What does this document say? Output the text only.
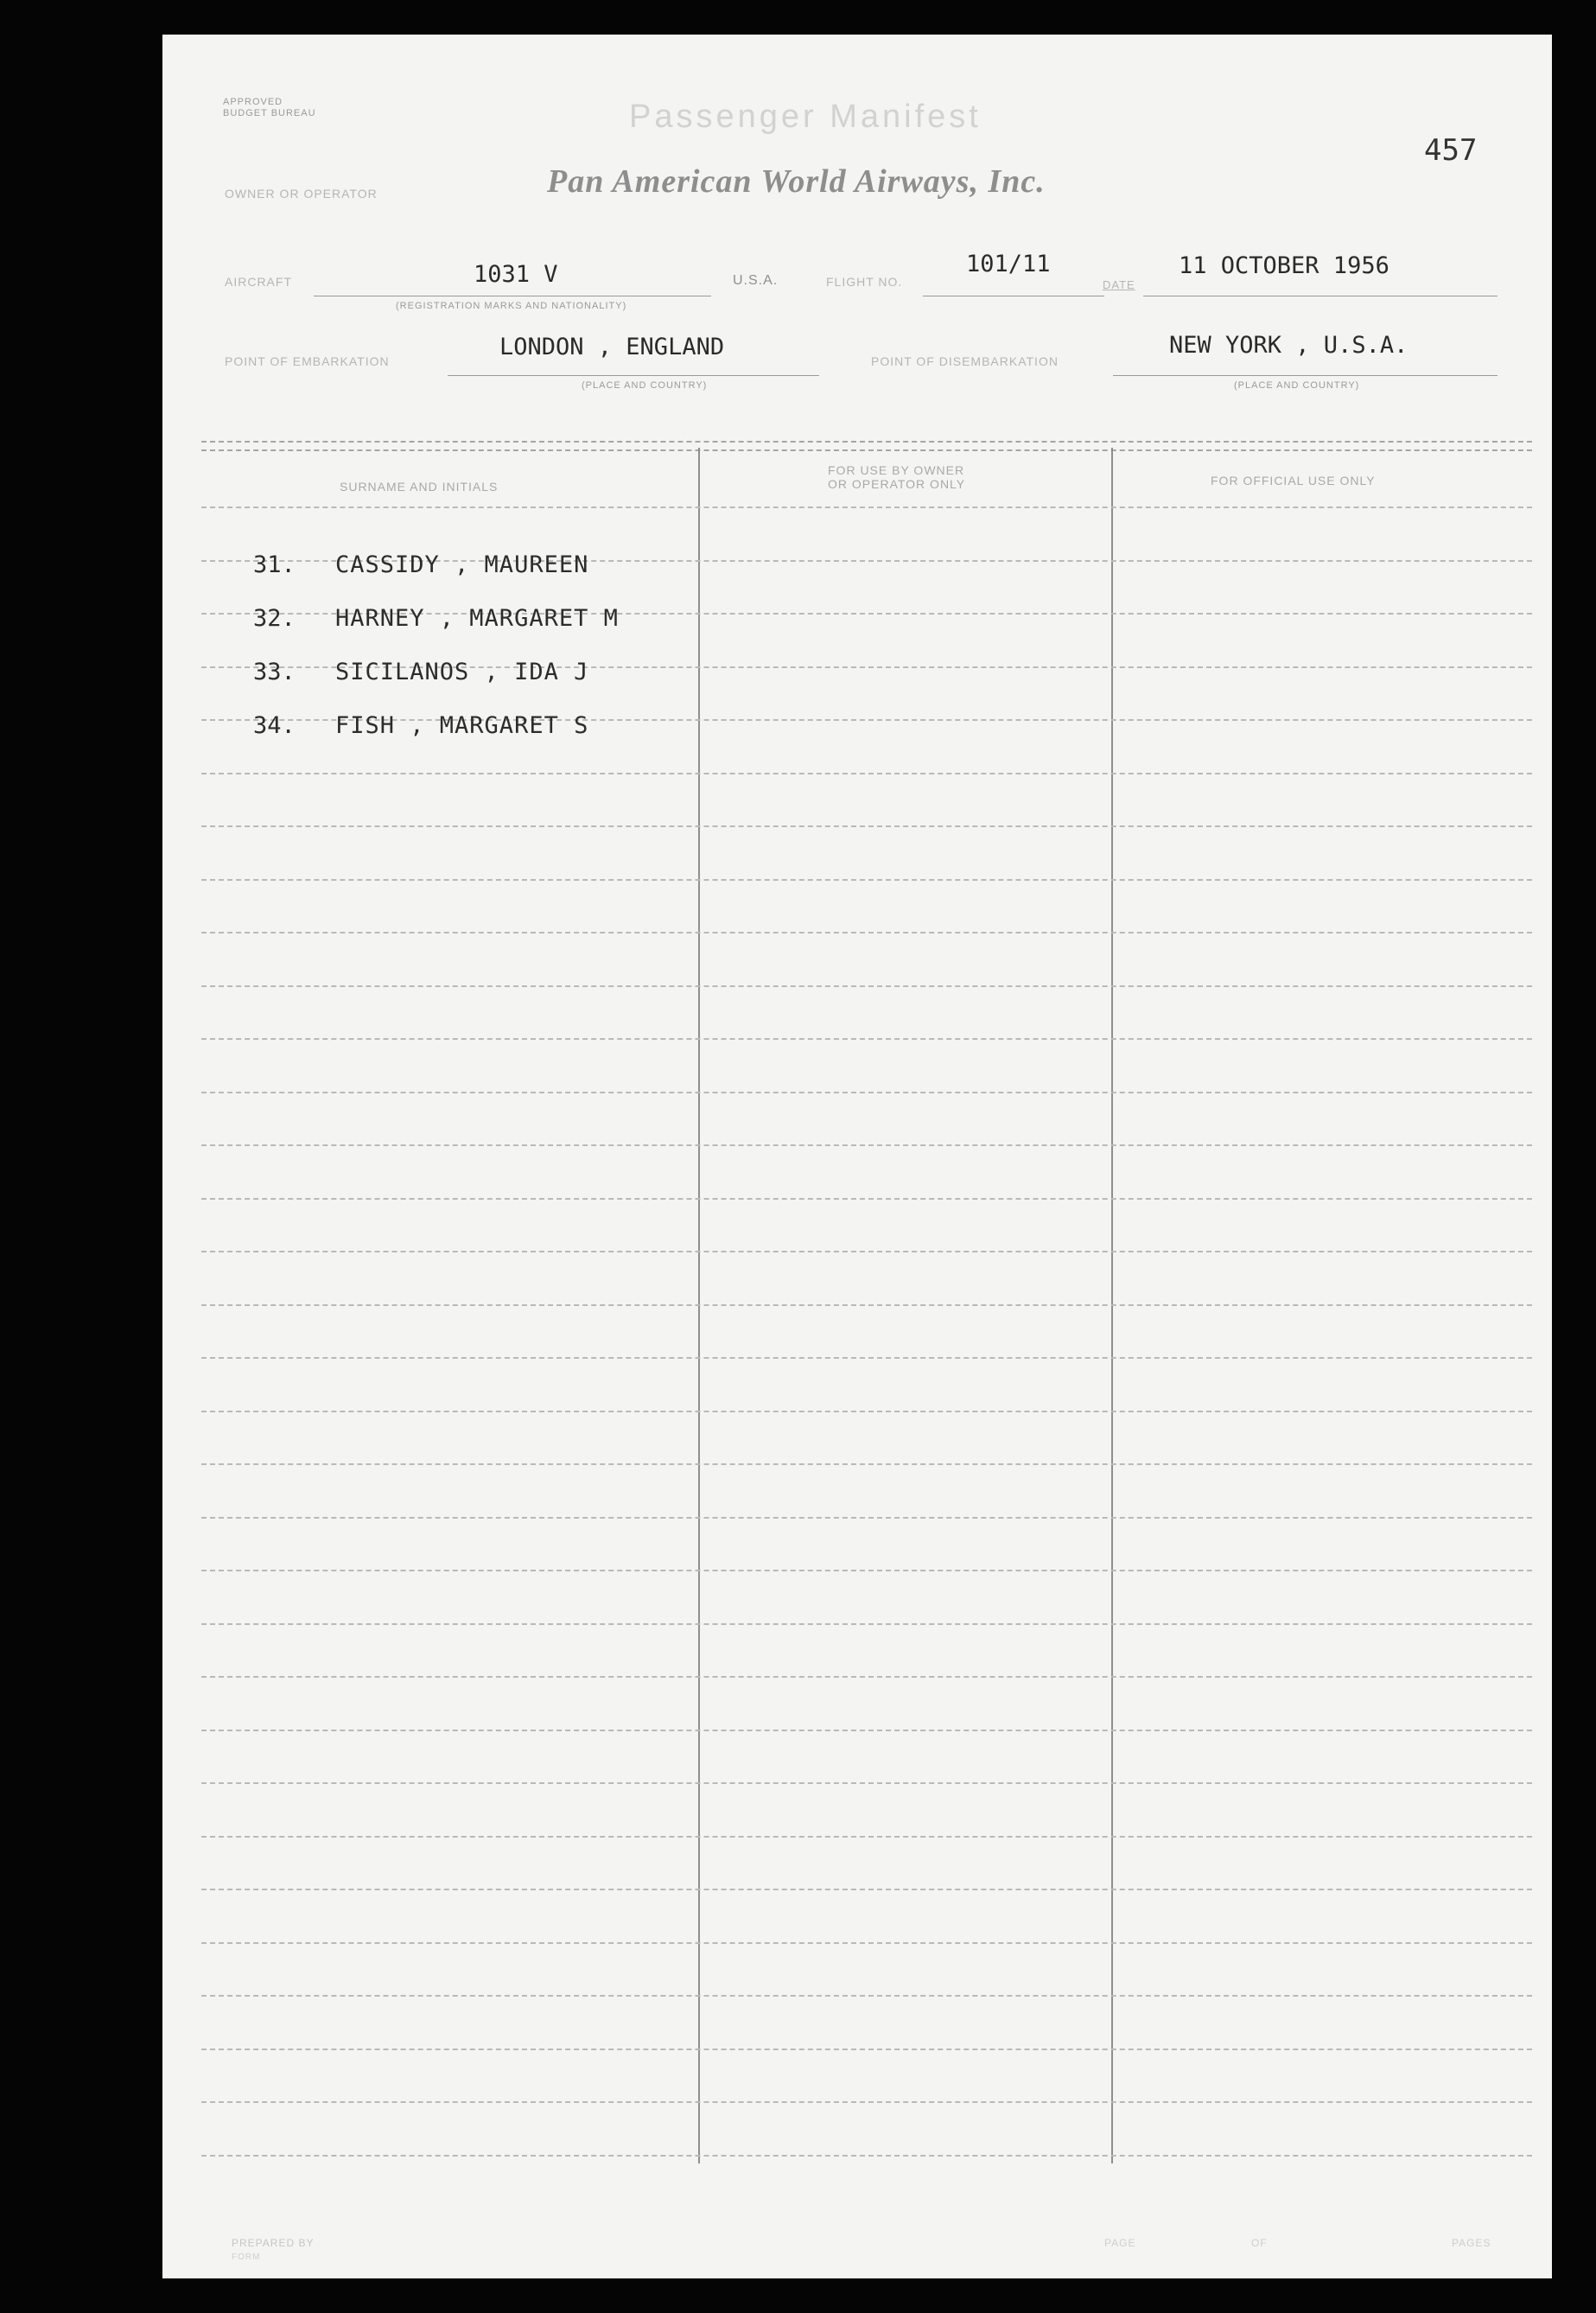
APPROVED BUDGET BUREAU	Passenger Manifest
457
OWNER OR OPERATOR	Pan American World Airways, Inc.
AIRCRAFT	1031 V
(REGISTRATION MARKS AND NATIONALITY)
U.S.A.	FLIGHT NO.
101/11
DATE
11 OCTOBER 1956
POINT OF EMBARKATION
LONDON , ENGLAND
(PLACE AND COUNTRY)
POINT OF DISEMBARKATION
NEW YORK , U.S.A.
(PLACE AND COUNTRY)
SURNAME AND INITIALS
FOR USE BY OWNER
OR OPERATOR ONLY	FOR OFFICIAL USE ONLY
31. CASSIDY , MAUREEN
32. HARNEY , MARGARET M
33. SICILANOS , IDA J
34. FISH , MARGARET S
PREPARED BY
FORM
PAGE	OF	PAGES
